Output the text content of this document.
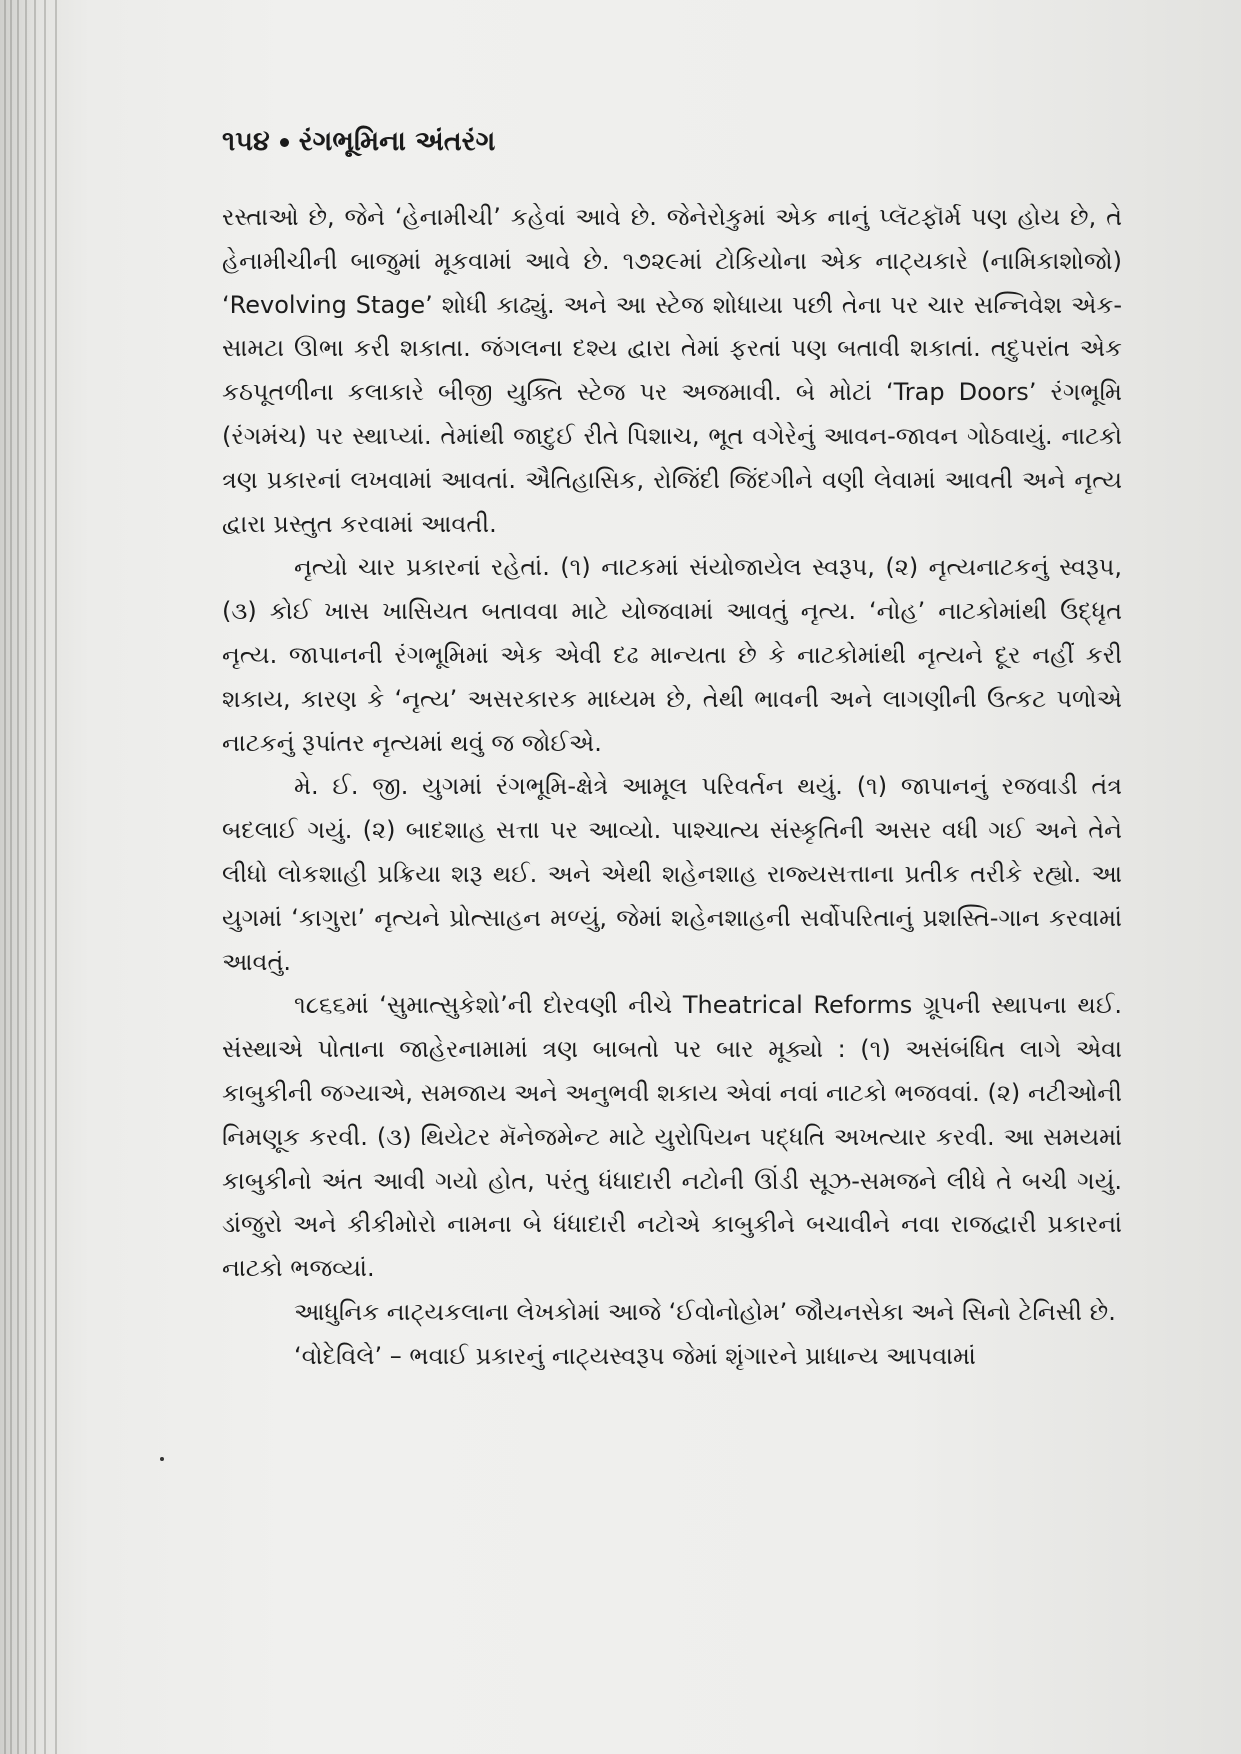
૧૫૪ રંગભૂમિના અંતરંગ

રસ્તાઓ છે, જેને ‘હેનામીચી’ કહેવાં આવે છે. જેનેરોકુમાં એક નાનું પ્લૅટફૉર્મ પણ હોય છે, તે હેનામીચીની બાજુમાં મૂકવામાં આવે છે. ૧૭૨૯માં ટોકિયોના એક નાટ્યકારે (નામિકાશોજો) ‘Revolving Stage’ શોધી કાઢ્યું. અને આ સ્ટેજ શોધાયા પછી તેના પર ચાર સન્નિવેશ એક- સામટા ઊભા કરી શકાતા. જંગલના દશ્ય દ્વારા તેમાં ફરતાં પણ બતાવી શકાતાં. તદુપરાંત એક કઠપૂતળીના કલાકારે બીજી યુક્તિ સ્ટેજ પર અજમાવી. બે મોટાં ‘Trap Doors’ રંગભૂમિ (રંગમંચ) પર સ્થાપ્યાં. તેમાંથી જાદુઈ રીતે પિશાચ, ભૂત વગેરેનું આવન-જાવન ગોઠવાયું. નાટકો ત્રણ પ્રકારનાં લખવામાં આવતાં. ઐતિહાસિક, રોજિંદી જિંદગીને વણી લેવામાં આવતી અને નૃત્ય દ્વારા પ્રસ્તુત કરવામાં આવતી.

નૃત્યો ચાર પ્રકારનાં રહેતાં. (૧) નાટકમાં સંયોજાયેલ સ્વરૂપ, (૨) નૃત્યનાટકનું સ્વરૂપ, (૩) કોઈ ખાસ ખાસિયત બતાવવા માટે યોજવામાં આવતું નૃત્ય. ‘નોહ’ નાટકોમાંથી ઉદ્‌ધૃત નૃત્ય. જાપાનની રંગભૂમિમાં એક એવી દઢ માન્યતા છે કે નાટકોમાંથી નૃત્યને દૂર નહીં કરી શકાય, કારણ કે ‘નૃત્ય’ અસરકારક માધ્યમ છે, તેથી ભાવની અને લાગણીની ઉત્કટ પળોએ નાટકનું રૂપાંતર નૃત્યમાં થવું જ જોઈએ.

મે. ઈ. જી. યુગમાં રંગભૂમિ-ક્ષેત્રે આમૂલ પરિવર્તન થયું. (૧) જાપાનનું રજવાડી તંત્ર બદલાઈ ગયું. (૨) બાદશાહ સત્તા પર આવ્યો. પાશ્ચાત્ય સંસ્કૃતિની અસર વધી ગઈ અને તેને લીધો લોકશાહી પ્રક્રિયા શરૂ થઈ. અને એથી શહેનશાહ રાજ્યસત્તાના પ્રતીક તરીકે રહ્યો. આ યુગમાં ‘કાગુરા’ નૃત્યને પ્રોત્સાહન મળ્યું, જેમાં શહેનશાહની સર્વોપરિતાનું પ્રશસ્તિ-ગાન કરવામાં આવતું.

૧૮૬૬માં ‘સુમાત્સુકેશો’ની દોરવણી નીચે Theatrical Reforms ગ્રૂપની સ્થાપના થઈ. સંસ્થાએ પોતાના જાહેરનામામાં ત્રણ બાબતો પર બાર મૂક્યો : (૧) અસંબંધિત લાગે એવા કાબુકીની જગ્યાએ, સમજાય અને અનુભવી શકાય એવાં નવાં નાટકો ભજવવાં. (૨) નટીઓની નિમણૂક કરવી. (૩) થિયેટર મૅનેજમેન્ટ માટે યુરોપિયન પદ્ધતિ અખત્યાર કરવી. આ સમયમાં કાબુકીનો અંત આવી ગયો હોત, પરંતુ ધંધાદારી નટોની ઊંડી સૂઝ-સમજને લીધે તે બચી ગયું. ડાંજુરો અને કીકીમોરો નામના બે ધંધાદારી નટોએ કાબુકીને બચાવીને નવા રાજદ્વારી પ્રકારનાં નાટકો ભજવ્યાં.

આધુનિક નાટ્યકલાના લેખકોમાં આજે ‘ઈવોનોહોમ’ જૌયનસેકા અને સિનો ટેનિસી છે.

‘વોદેવિલે’ – ભવાઈ પ્રકારનું નાટ્યસ્વરૂપ જેમાં શૃંગારને પ્રાધાન્ય આપવામાં
